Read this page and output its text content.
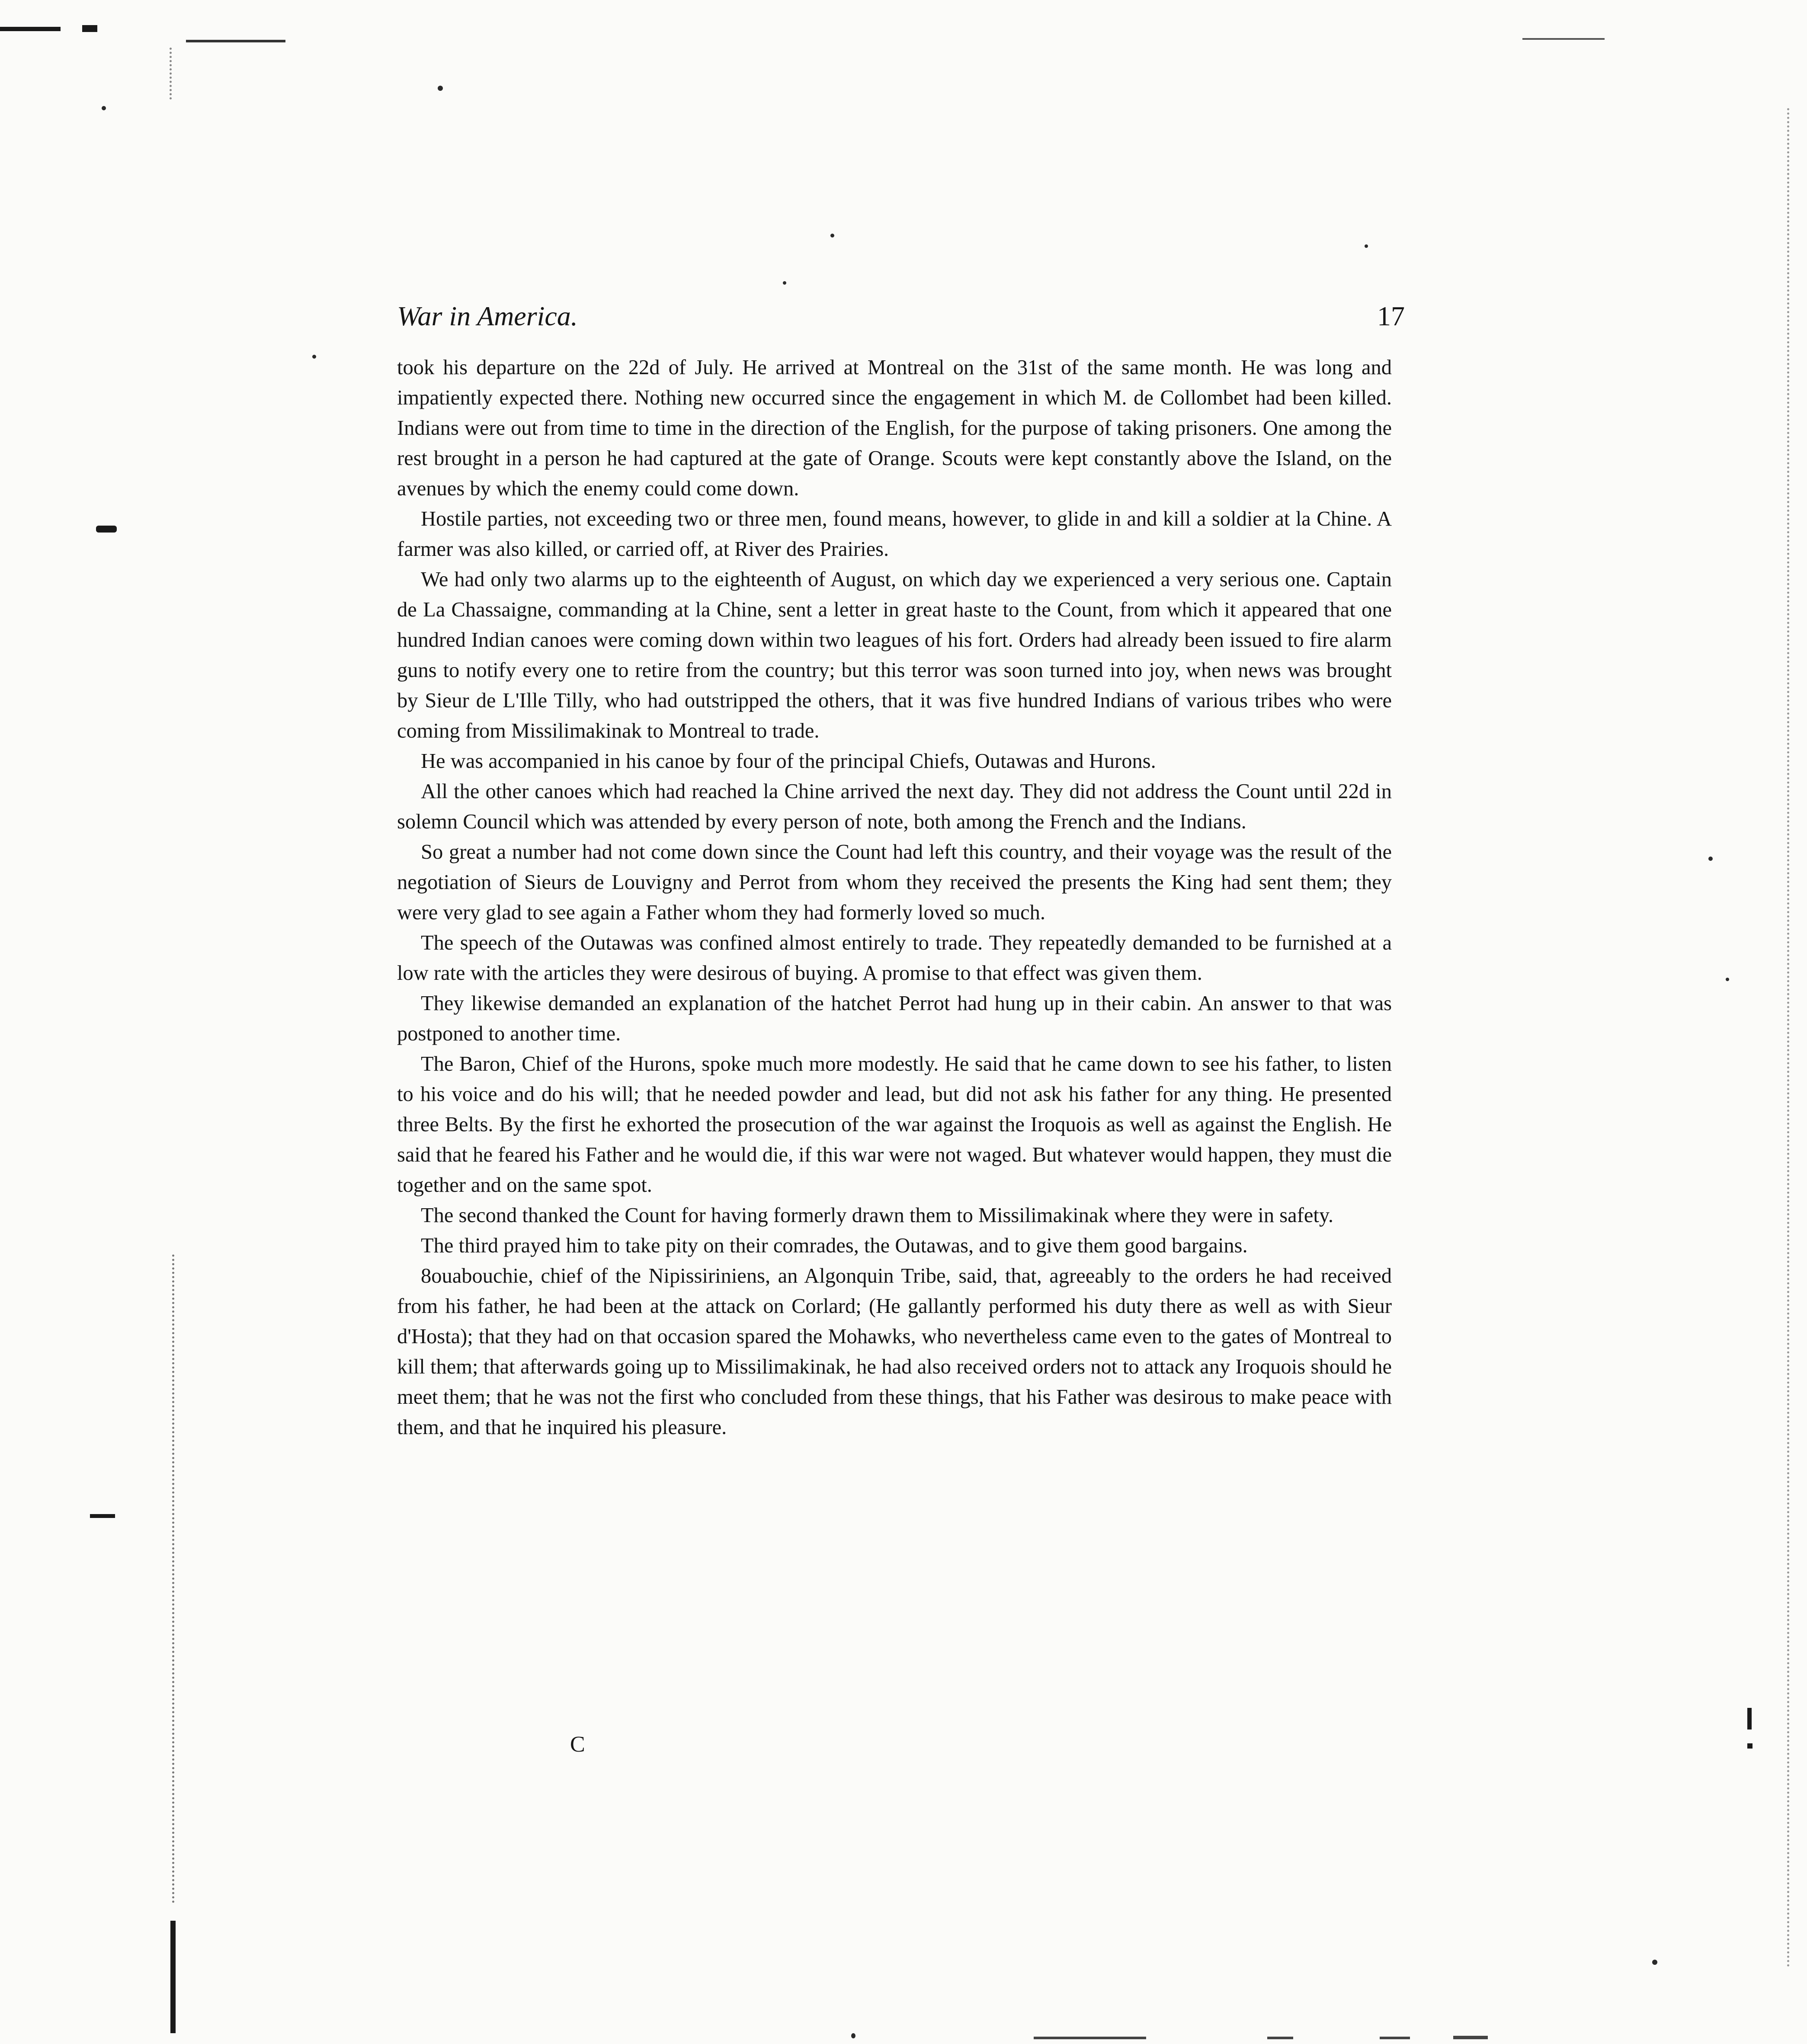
War in America.	17

took his departure on the 22d of July. He arrived at Montreal on the 31st of the same month. He was long and impatiently expected there. Nothing new occurred since the engagement in which M. de Collombet had been killed. Indians were out from time to time in the direction of the English, for the purpose of taking prisoners. One among the rest brought in a person he had captured at the gate of Orange. Scouts were kept constantly above the Island, on the avenues by which the enemy could come down.

Hostile parties, not exceeding two or three men, found means, however, to glide in and kill a soldier at la Chine. A farmer was also killed, or carried off, at River des Prairies.

We had only two alarms up to the eighteenth of August, on which day we experienced a very serious one. Captain de La Chassaigne, commanding at la Chine, sent a letter in great haste to the Count, from which it appeared that one hundred Indian canoes were coming down within two leagues of his fort. Orders had already been issued to fire alarm guns to notify every one to retire from the country; but this terror was soon turned into joy, when news was brought by Sieur de L'Ille Tilly, who had outstripped the others, that it was five hundred Indians of various tribes who were coming from Missilimakinak to Montreal to trade.

He was accompanied in his canoe by four of the principal Chiefs, Outawas and Hurons.

All the other canoes which had reached la Chine arrived the next day. They did not address the Count until 22d in solemn Council which was attended by every person of note, both among the French and the Indians.

So great a number had not come down since the Count had left this country, and their voyage was the result of the negotiation of Sieurs de Louvigny and Perrot from whom they received the presents the King had sent them; they were very glad to see again a Father whom they had formerly loved so much.

The speech of the Outawas was confined almost entirely to trade. They repeatedly demanded to be furnished at a low rate with the articles they were desirous of buying. A promise to that effect was given them.

They likewise demanded an explanation of the hatchet Perrot had hung up in their cabin. An answer to that was postponed to another time.

The Baron, Chief of the Hurons, spoke much more modestly. He said that he came down to see his father, to listen to his voice and do his will; that he needed powder and lead, but did not ask his father for any thing. He presented three Belts. By the first he exhorted the prosecution of the war against the Iroquois as well as against the English. He said that he feared his Father and he would die, if this war were not waged. But whatever would happen, they must die together and on the same spot.

The second thanked the Count for having formerly drawn them to Missilimakinak where they were in safety.

The third prayed him to take pity on their comrades, the Outawas, and to give them good bargains.

8ouabouchie, chief of the Nipissiriniens, an Algonquin Tribe, said, that, agreeably to the orders he had received from his father, he had been at the attack on Corlard; (He gallantly performed his duty there as well as with Sieur d'Hosta); that they had on that occasion spared the Mohawks, who nevertheless came even to the gates of Montreal to kill them; that afterwards going up to Missilimakinak, he had also received orders not to attack any Iroquois should he meet them; that he was not the first who concluded from these things, that his Father was desirous to make peace with them, and that he inquired his pleasure.

C
